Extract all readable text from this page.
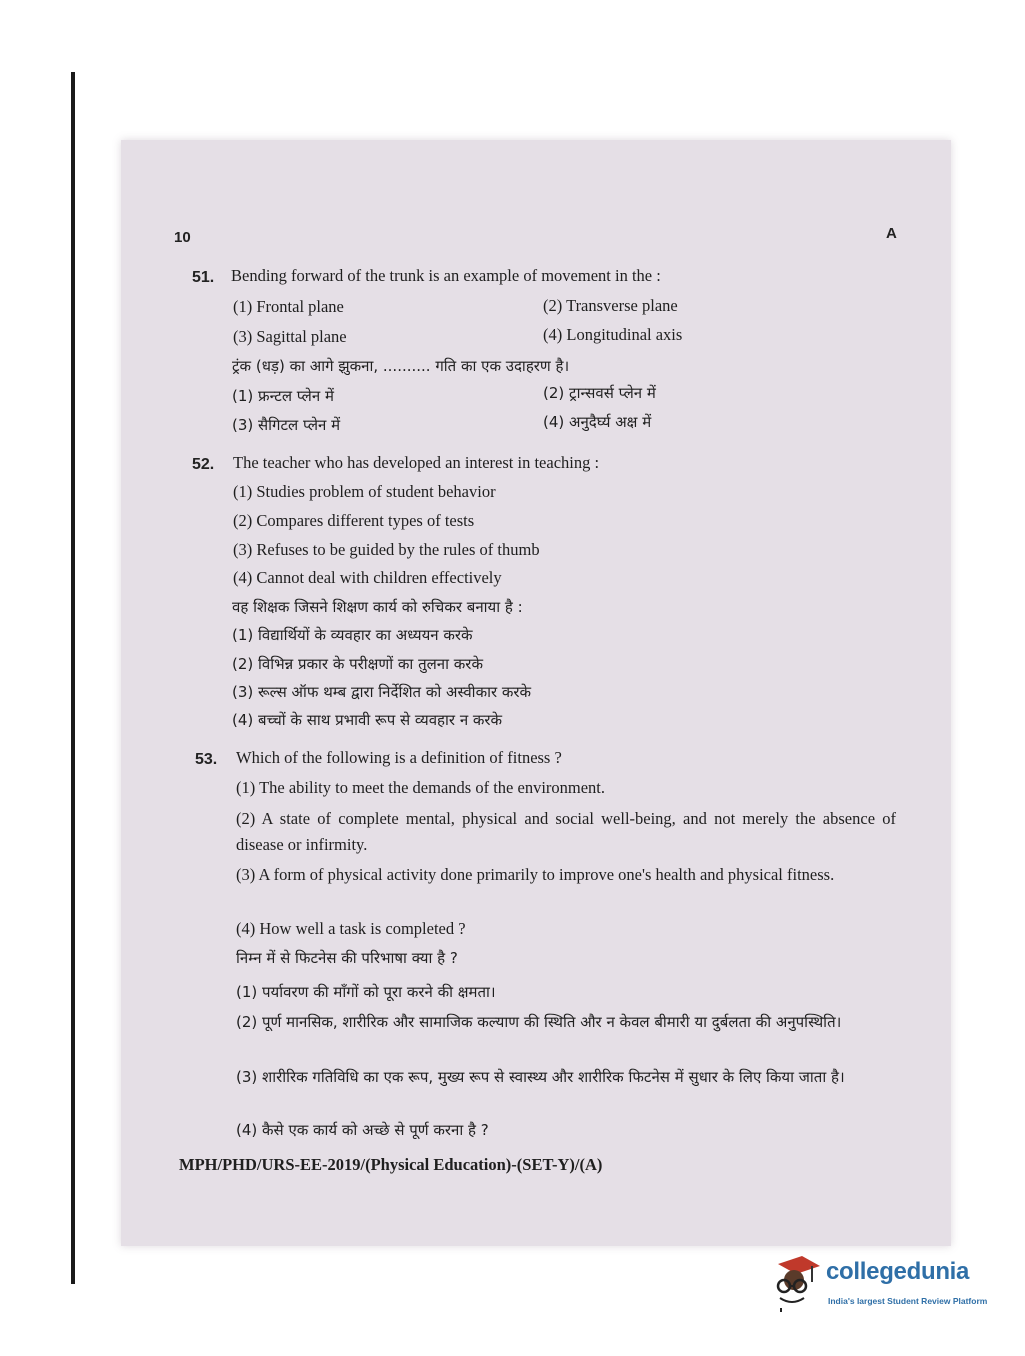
10	A
51. Bending forward of the trunk is an example of movement in the :
(1) Frontal plane	(2) Transverse plane
(3) Sagittal plane	(4) Longitudinal axis
ट्रंक (धड़) का आगे झुकना, .......... गति का एक उदाहरण है।
(1) फ्रन्टल प्लेन में	(2) ट्रान्सवर्स प्लेन में
(3) सैगिटल प्लेन में	(4) अनुदैर्घ्य अक्ष में
52. The teacher who has developed an interest in teaching :
(1) Studies problem of student behavior
(2) Compares different types of tests
(3) Refuses to be guided by the rules of thumb
(4) Cannot deal with children effectively
वह शिक्षक जिसने शिक्षण कार्य को रुचिकर बनाया है :
(1) विद्यार्थियों के व्यवहार का अध्ययन करके
(2) विभिन्न प्रकार के परीक्षणों का तुलना करके
(3) रूल्स ऑफ थम्ब द्वारा निर्देशित को अस्वीकार करके
(4) बच्चों के साथ प्रभावी रूप से व्यवहार न करके
53. Which of the following is a definition of fitness ?
(1) The ability to meet the demands of the environment.
(2) A state of complete mental, physical and social well-being, and not merely the absence of disease or infirmity.
(3) A form of physical activity done primarily to improve one's health and physical fitness.
(4) How well a task is completed ?
निम्न में से फिटनेस की परिभाषा क्या है ?
(1) पर्यावरण की माँगों को पूरा करने की क्षमता।
(2) पूर्ण मानसिक, शारीरिक और सामाजिक कल्याण की स्थिति और न केवल बीमारी या दुर्बलता की अनुपस्थिति।
(3) शारीरिक गतिविधि का एक रूप, मुख्य रूप से स्वास्थ्य और शारीरिक फिटनेस में सुधार के लिए किया जाता है।
(4) कैसे एक कार्य को अच्छे से पूर्ण करना है ?
MPH/PHD/URS-EE-2019/(Physical Education)-(SET-Y)/(A)
collegedunia
India's largest Student Review Platform
